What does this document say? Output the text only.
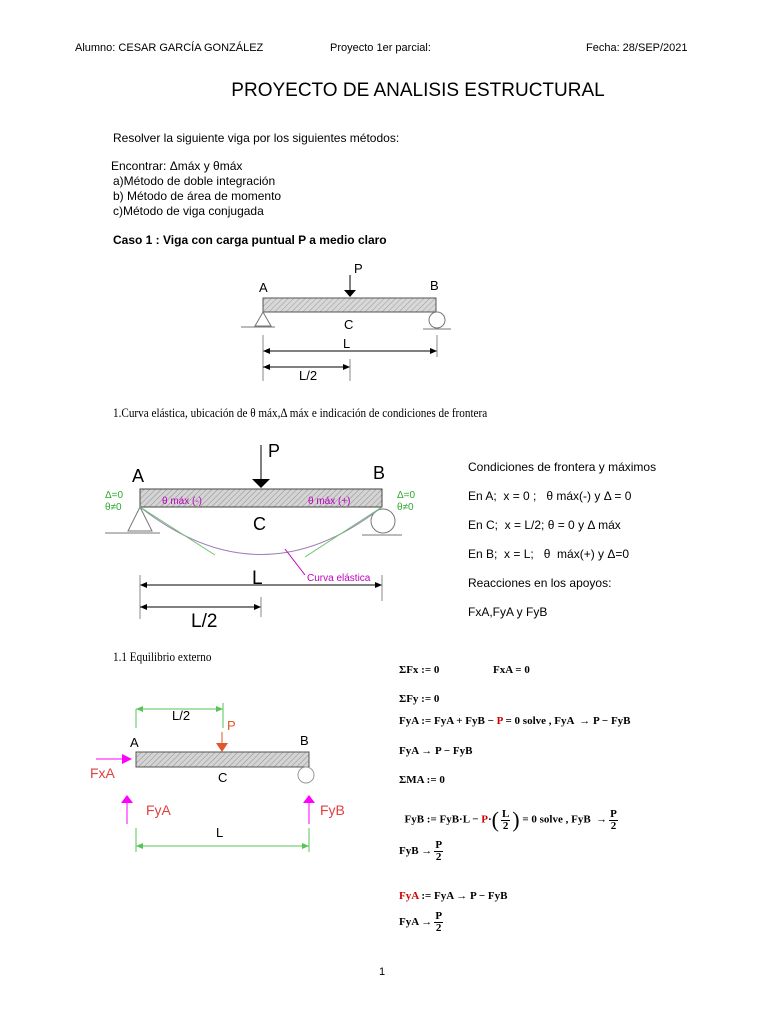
Alumno: CESAR GARCÍA GONZÁLEZ	Proyecto 1er parcial:	Fecha: 28/SEP/2021
PROYECTO DE ANALISIS ESTRUCTURAL
Resolver la siguiente viga por los siguientes métodos:
Encontrar: Δmáx y θmáx
a)Método de doble integración
b) Método de área de momento
c)Método de viga conjugada
Caso 1 : Viga con carga puntual P a medio claro
P
A	B
C
L
L/2
1.Curva elástica, ubicación de θ máx,Δ máx e indicación de condiciones de frontera
P
A	B
C
Curva elástica
Δ=0
θ≠0
Δ=0
θ≠0
θ máx (-)	θ máx (+)
L
L/2
Condiciones de frontera y máximos
En A;  x = 0 ;   θ máx(-) y Δ = 0
En C;  x = L/2; θ = 0 y Δ máx
En B;  x = L;   θ  máx(+) y Δ=0
Reacciones en los apoyos:
FxA,FyA y FyB
1.1 Equilibrio externo
L/2
P
A	B
C
FxA
FyA	FyB
L
ΣFx := 0	FxA = 0
ΣFy := 0
FyA := FyA + FyB − P = 0 solve , FyA  → P − FyB
FyA → P − FyB
ΣMA := 0

FyB := $FyB\cdot L - P\cdot( \frac{L}{2}$ ) = 0 solve , FyB  → $\frac{P}{2}$

FyB → $\frac{P}{2}$
FyA := FyA → P − FyB
FyA → $\frac{P}{2}$
1
